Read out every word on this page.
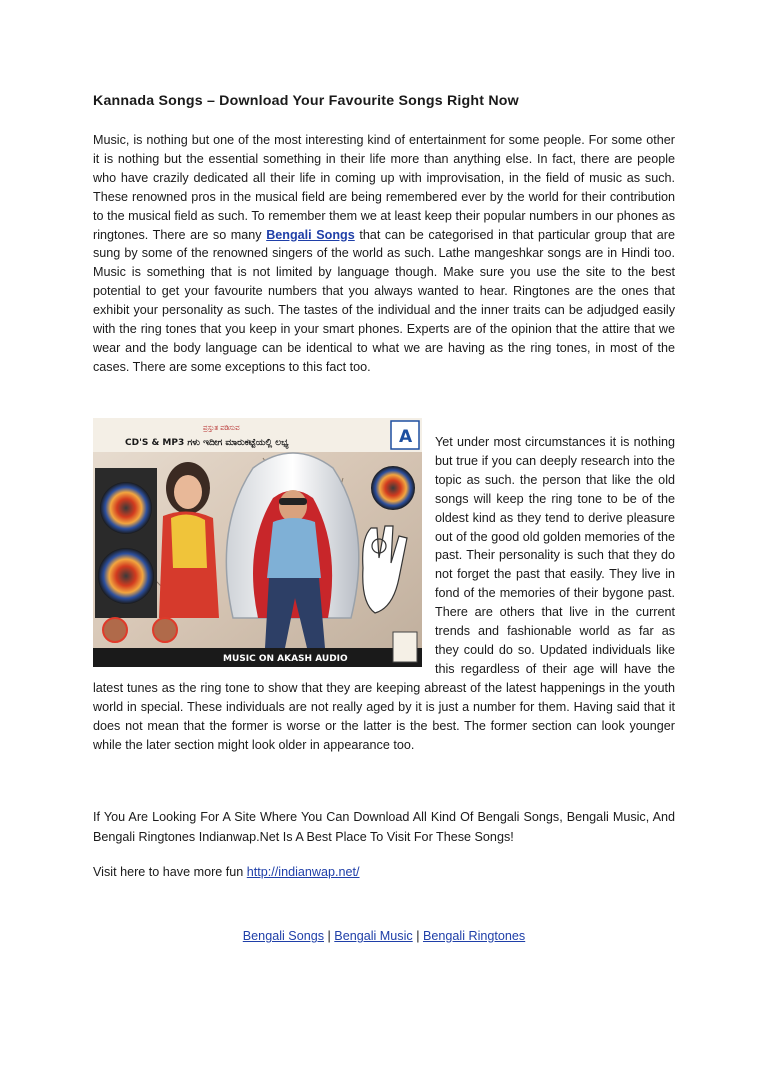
Kannada Songs – Download Your Favourite Songs Right Now

Music, is nothing but one of the most interesting kind of entertainment for some people. For some other it is nothing but the essential something in their life more than anything else. In fact, there are people who have crazily dedicated all their life in coming up with improvisation, in the field of music as such. These renowned pros in the musical field are being remembered ever by the world for their contribution to the musical field as such. To remember them we at least keep their popular numbers in our phones as ringtones. There are so many Bengali Songs that can be categorised in that particular group that are sung by some of the renowned singers of the world as such. Lathe mangeshkar songs are in Hindi too. Music is something that is not limited by language though. Make sure you use the site to the best potential to get your favourite numbers that you always wanted to hear. Ringtones are the ones that exhibit your personality as such. The tastes of the individual and the inner traits can be adjudged easily with the ring tones that you keep in your smart phones. Experts are of the opinion that the attire that we wear and the body language can be identical to what we are having as the ring tones, in most of the cases. There are some exceptions to this fact too.

ಪ್ರಸ್ತುತ ಪಡಿಸುವ
CD'S & MP3 ಗಳು ಇದೀಗ ಮಾರುಕಟ್ಟೆಯಲ್ಲಿ ಲಭ್ಯ	A
MUSIC ON AKASH AUDIO

Yet under most circumstances it is nothing but true if you can deeply research into the topic as such. the person that like the old songs will keep the ring tone to be of the oldest kind as they tend to derive pleasure out of the good old golden memories of the past. Their personality is such that they do not forget the past that easily. They live in fond of the memories of their bygone past. There are others that live in the current trends and fashionable world as far as they could do so. Updated individuals like this regardless of their age will have the latest tunes as the ring tone to show that they are keeping abreast of the latest happenings in the youth world in special. These individuals are not really aged by it is just a number for them. Having said that it does not mean that the former is worse or the latter is the best. The former section can look younger while the later section might look older in appearance too.

If You Are Looking For A Site Where You Can Download All Kind Of Bengali Songs, Bengali Music, And Bengali Ringtones Indianwap.Net Is A Best Place To Visit For These Songs!

Visit here to have more fun http://indianwap.net/

Bengali Songs | Bengali Music | Bengali Ringtones
